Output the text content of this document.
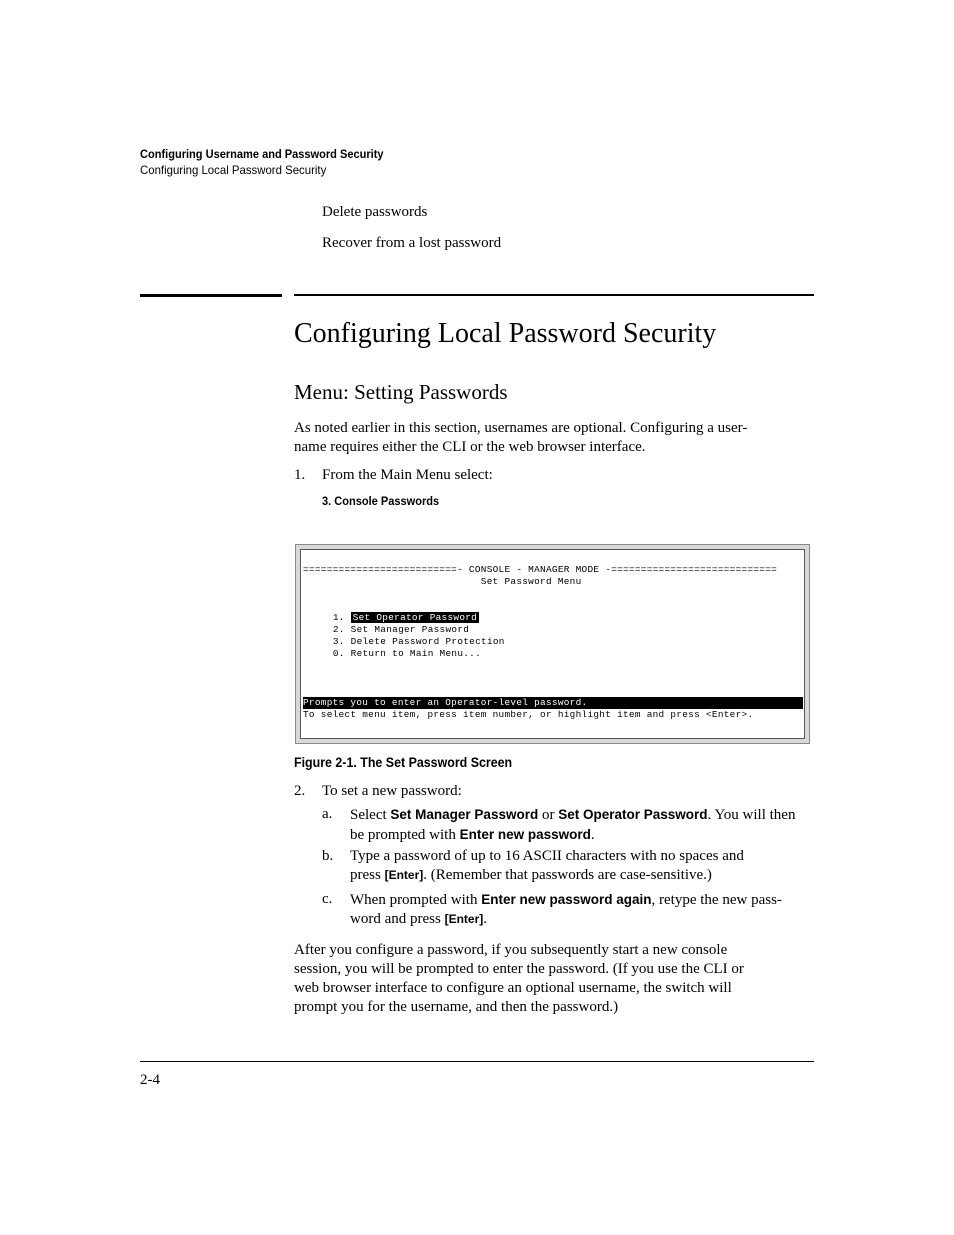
Configuring Username and Password Security
Configuring Local Password Security
Delete passwords
Recover from a lost password
Configuring Local Password Security
Menu: Setting Passwords
As noted earlier in this section, usernames are optional. Configuring a user-
name requires either the CLI or the web browser interface.
1. From the Main Menu select:
3. Console Passwords
==========================- CONSOLE - MANAGER MODE -============================
Set Password Menu

1. Set Operator Password

2. Set Manager Password

3. Delete Password Protection

0. Return to Main Menu...

Prompts you to enter an Operator-level password.
To select menu item, press item number, or highlight item and press <Enter>.
Figure 2-1. The Set Password Screen
2. To set a new password:
a. Select Set Manager Password or Set Operator Password. You will then
be prompted with Enter new password.
b. Type a password of up to 16 ASCII characters with no spaces and
press [Enter]. (Remember that passwords are case-sensitive.)
c. When prompted with Enter new password again, retype the new pass-
word and press [Enter].
After you configure a password, if you subsequently start a new console
session, you will be prompted to enter the password. (If you use the CLI or
web browser interface to configure an optional username, the switch will
prompt you for the username, and then the password.)
2-4
